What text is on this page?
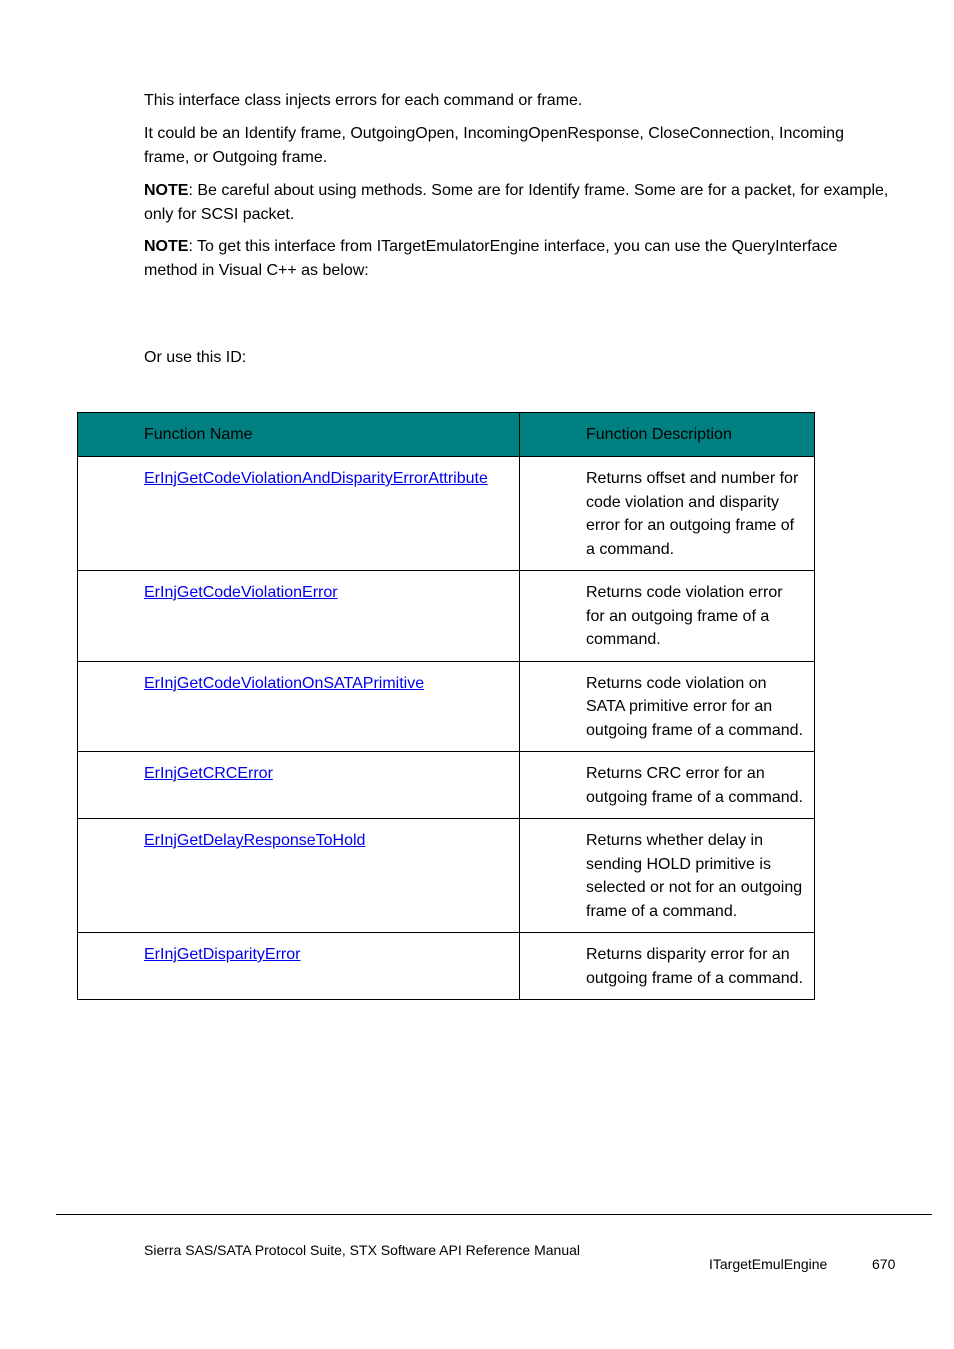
This interface class injects errors for each command or frame.

It could be an Identify frame, OutgoingOpen, IncomingOpenResponse, CloseConnection, Incoming frame, or Outgoing frame.

NOTE: Be careful about using methods. Some are for Identify frame. Some are for a packet, for example, only for SCSI packet.

NOTE: To get this interface from ITargetEmulatorEngine interface, you can use the QueryInterface method in Visual C++ as below:

Or use this ID:

Function Name	Function Description
ErInjGetCodeViolationAndDisparityErrorAttribute	Returns offset and number for code violation and disparity error for an outgoing frame of a command.
ErInjGetCodeViolationError	Returns code violation error for an outgoing frame of a command.
ErInjGetCodeViolationOnSATAPrimitive	Returns code violation on SATA primitive error for an outgoing frame of a command.
ErInjGetCRCError	Returns CRC error for an outgoing frame of a command.
ErInjGetDelayResponseToHold	Returns whether delay in sending HOLD primitive is selected or not for an outgoing frame of a command.
ErInjGetDisparityError	Returns disparity error for an outgoing frame of a command.
Sierra SAS/SATA Protocol Suite, STX Software API Reference Manual
ITargetEmulEngine	670
